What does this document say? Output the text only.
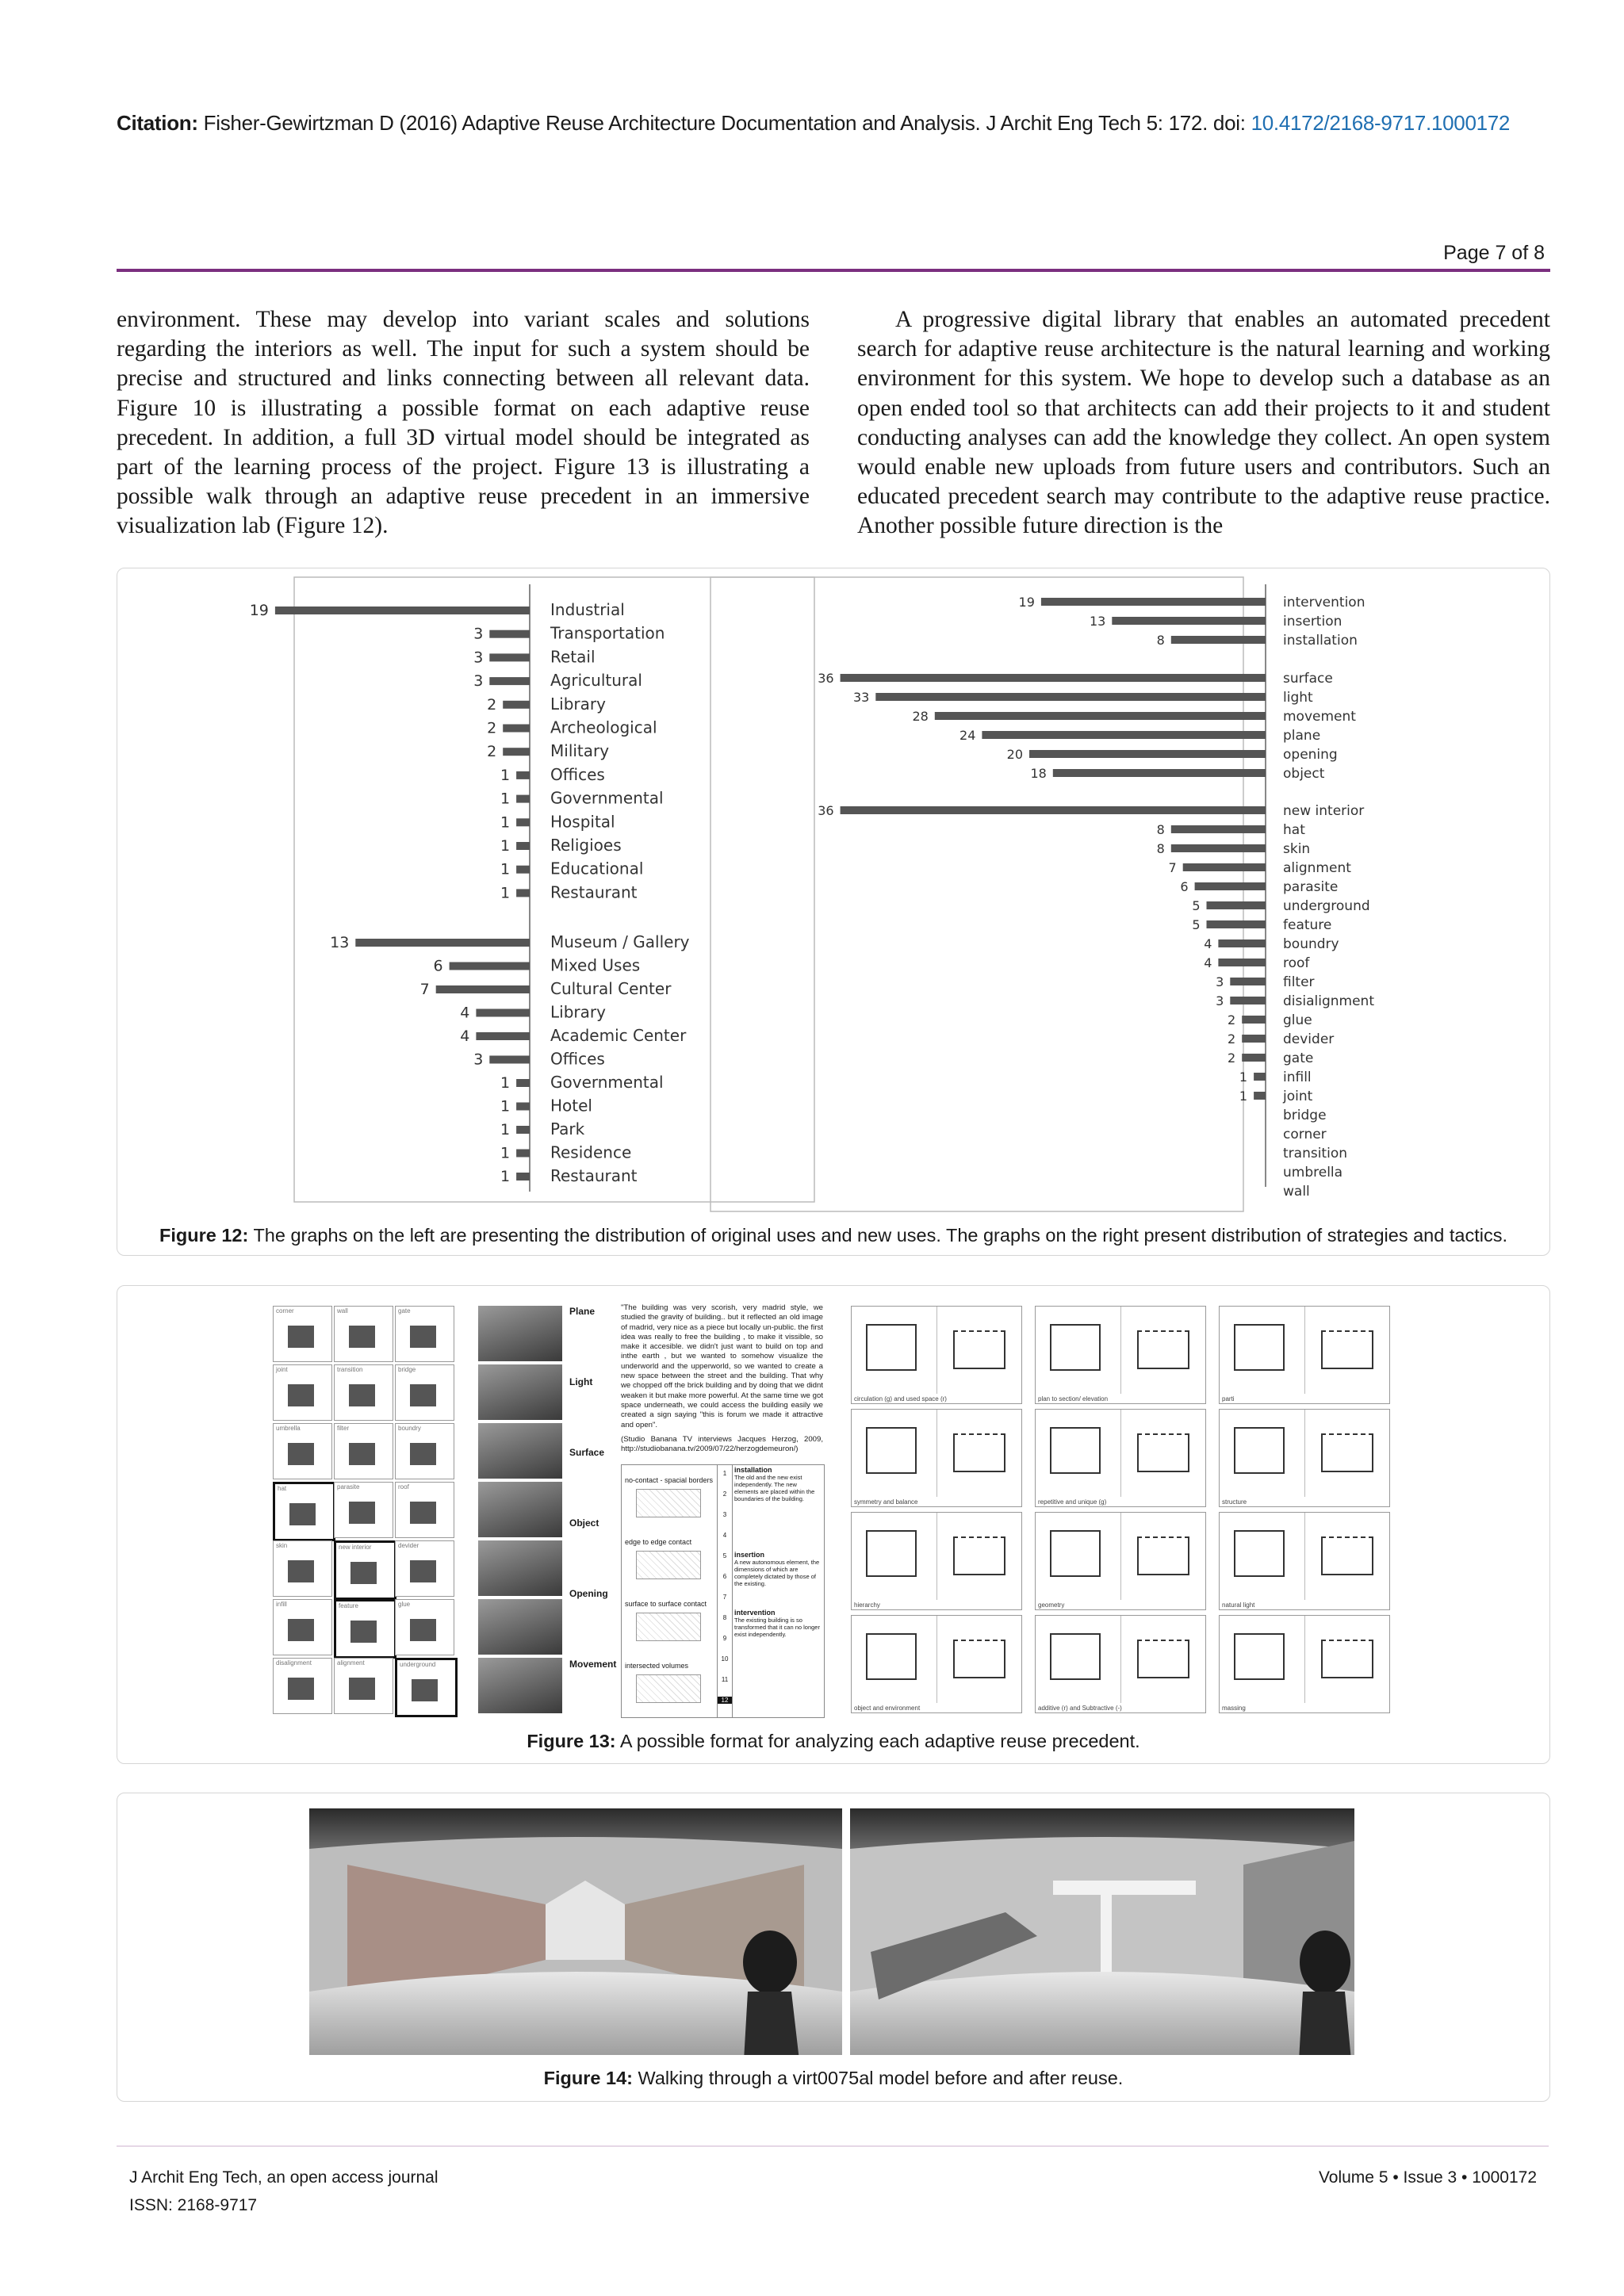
Citation: Fisher-Gewirtzman D (2016) Adaptive Reuse Architecture Documentation and Analysis. J Archit Eng Tech 5: 172. doi: 10.4172/2168-9717.1000172
Page 7 of 8

environment. These may develop into variant scales and solutions regarding the interiors as well. The input for such a system should be precise and structured and links connecting between all relevant data. Figure 10 is illustrating a possible format on each adaptive reuse precedent. In addition, a full 3D virtual model should be integrated as part of the learning process of the project. Figure 13 is illustrating a possible walk through an adaptive reuse precedent in an immersive visualization lab (Figure 12).

A progressive digital library that enables an automated precedent search for adaptive reuse architecture is the natural learning and working environment for this system. We hope to develop such a database as an open ended tool so that architects can add their projects to it and student conducting analyses can add the knowledge they collect. An open system would enable new uploads from future users and contributors. Such an educated precedent search may contribute to the adaptive reuse practice. Another possible future direction is the

19	Industrial
3	Transportation
3	Retail
3	Agricultural
2	Library
2	Archeological
2	Military
1	Offices
1	Governmental
1	Hospital
1	Religioes
1	Educational
1	Restaurant
13	Museum / Gallery
6	Mixed Uses
7	Cultural Center
4	Library
4	Academic Center
3	Offices
1	Governmental
1	Hotel
1	Park
1	Residence
1	Restaurant
19	intervention
13	insertion
8	installation
36	surface
33	light
28	movement
24	plane
20	opening
18	object
36	new interior
8	hat
8	skin
7	alignment
6	parasite
5	underground
5	feature
4	boundry
4	roof
3	filter
3	disialignment
2	glue
2	devider
2	gate
1	infill
1	joint
bridge
corner
transition
umbrella
wall
Figure 12: The graphs on the left are presenting the distribution of original uses and new uses. The graphs on the right present distribution of strategies and tactics.
corner	wall	gate
joint	transition	bridge
umbrella	filter	boundry
hat	parasite	roof
skin	new interior	devider
infill	feature	glue
disalignment	alignment	underground
Plane
Light
Surface
Object
Opening
Movement
"The building was very scorish, very madrid style, we studied the gravity of building.. but it reflected an old image of madrid, very nice as a piece but locally un-public. the first idea was really to free the building , to make it vissible, so make it accesible. we didn't just want to build on top and inthe earth , but we wanted to somehow visualize the underworld and the upperworld, so we wanted to create a new space between the street and the building. That why we chopped off the brick building and by doing that we didnt weaken it but make more powerful. At the same time we got space underneath, we could access the building easily we created a sign saying "this is forum we made it attractive and open".
(Studio Banana TV interviews Jacques Herzog, 2009, http://studiobanana.tv/2009/07/22/herzogdemeuron/)
no-contact - spacial borders
edge to edge contact
surface to surface contact
intersected volumes
1
2
3
4
5
6
7
8
9
10
11
12
installation
The old and the new exist independently. The new elements are placed within the boundaries of the building.
insertion
A new autonomous element, the dimensions of which are completely dictated by those of the existing.
intervention
The existing building is so transformed that it can no longer exist independently.
circulation (g) and used space (r)	plan to section/ elevation	parti
symmetry and balance	repetitive and unique (g)	structure
hierarchy	geometry	natural light
object and environment	additive (r) and Subtractive (-)	massing
Figure 13: A possible format for analyzing each adaptive reuse precedent.
Figure 14: Walking through a virt0075al model before and after reuse.
J Archit Eng Tech, an open access journal
ISSN: 2168-9717
Volume 5 • Issue 3 • 1000172
